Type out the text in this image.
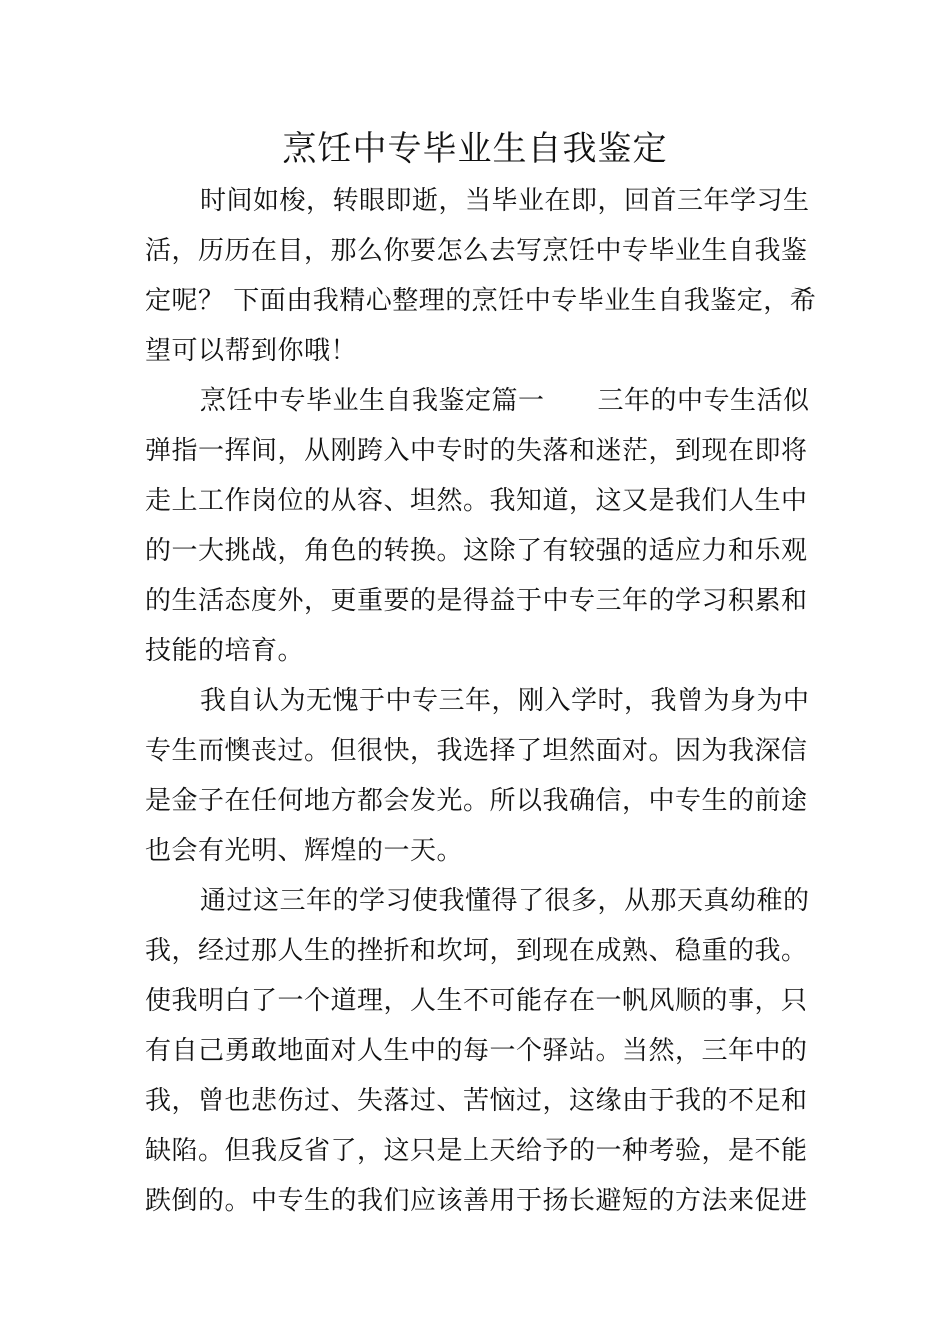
烹饪中专毕业生自我鉴定
时间如梭，转眼即逝，当毕业在即，回首三年学习生
活，历历在目，那么你要怎么去写烹饪中专毕业生自我鉴
定呢？ 下面由我精心整理的烹饪中专毕业生自我鉴定，希
望可以帮到你哦！
烹饪中专毕业生自我鉴定篇一　　三年的中专生活似
弹指一挥间，从刚跨入中专时的失落和迷茫，到现在即将
走上工作岗位的从容、坦然。我知道，这又是我们人生中
的一大挑战，角色的转换。这除了有较强的适应力和乐观
的生活态度外，更重要的是得益于中专三年的学习积累和
技能的培育。
我自认为无愧于中专三年，刚入学时，我曾为身为中
专生而懊丧过。但很快，我选择了坦然面对。因为我深信
是金子在任何地方都会发光。所以我确信，中专生的前途
也会有光明、辉煌的一天。
通过这三年的学习使我懂得了很多，从那天真幼稚的
我，经过那人生的挫折和坎坷，到现在成熟、稳重的我。
使我明白了一个道理，人生不可能存在一帆风顺的事，只
有自己勇敢地面对人生中的每一个驿站。当然，三年中的
我，曾也悲伤过、失落过、苦恼过，这缘由于我的不足和
缺陷。但我反省了，这只是上天给予的一种考验，是不能
跌倒的。中专生的我们应该善用于扬长避短的方法来促进
